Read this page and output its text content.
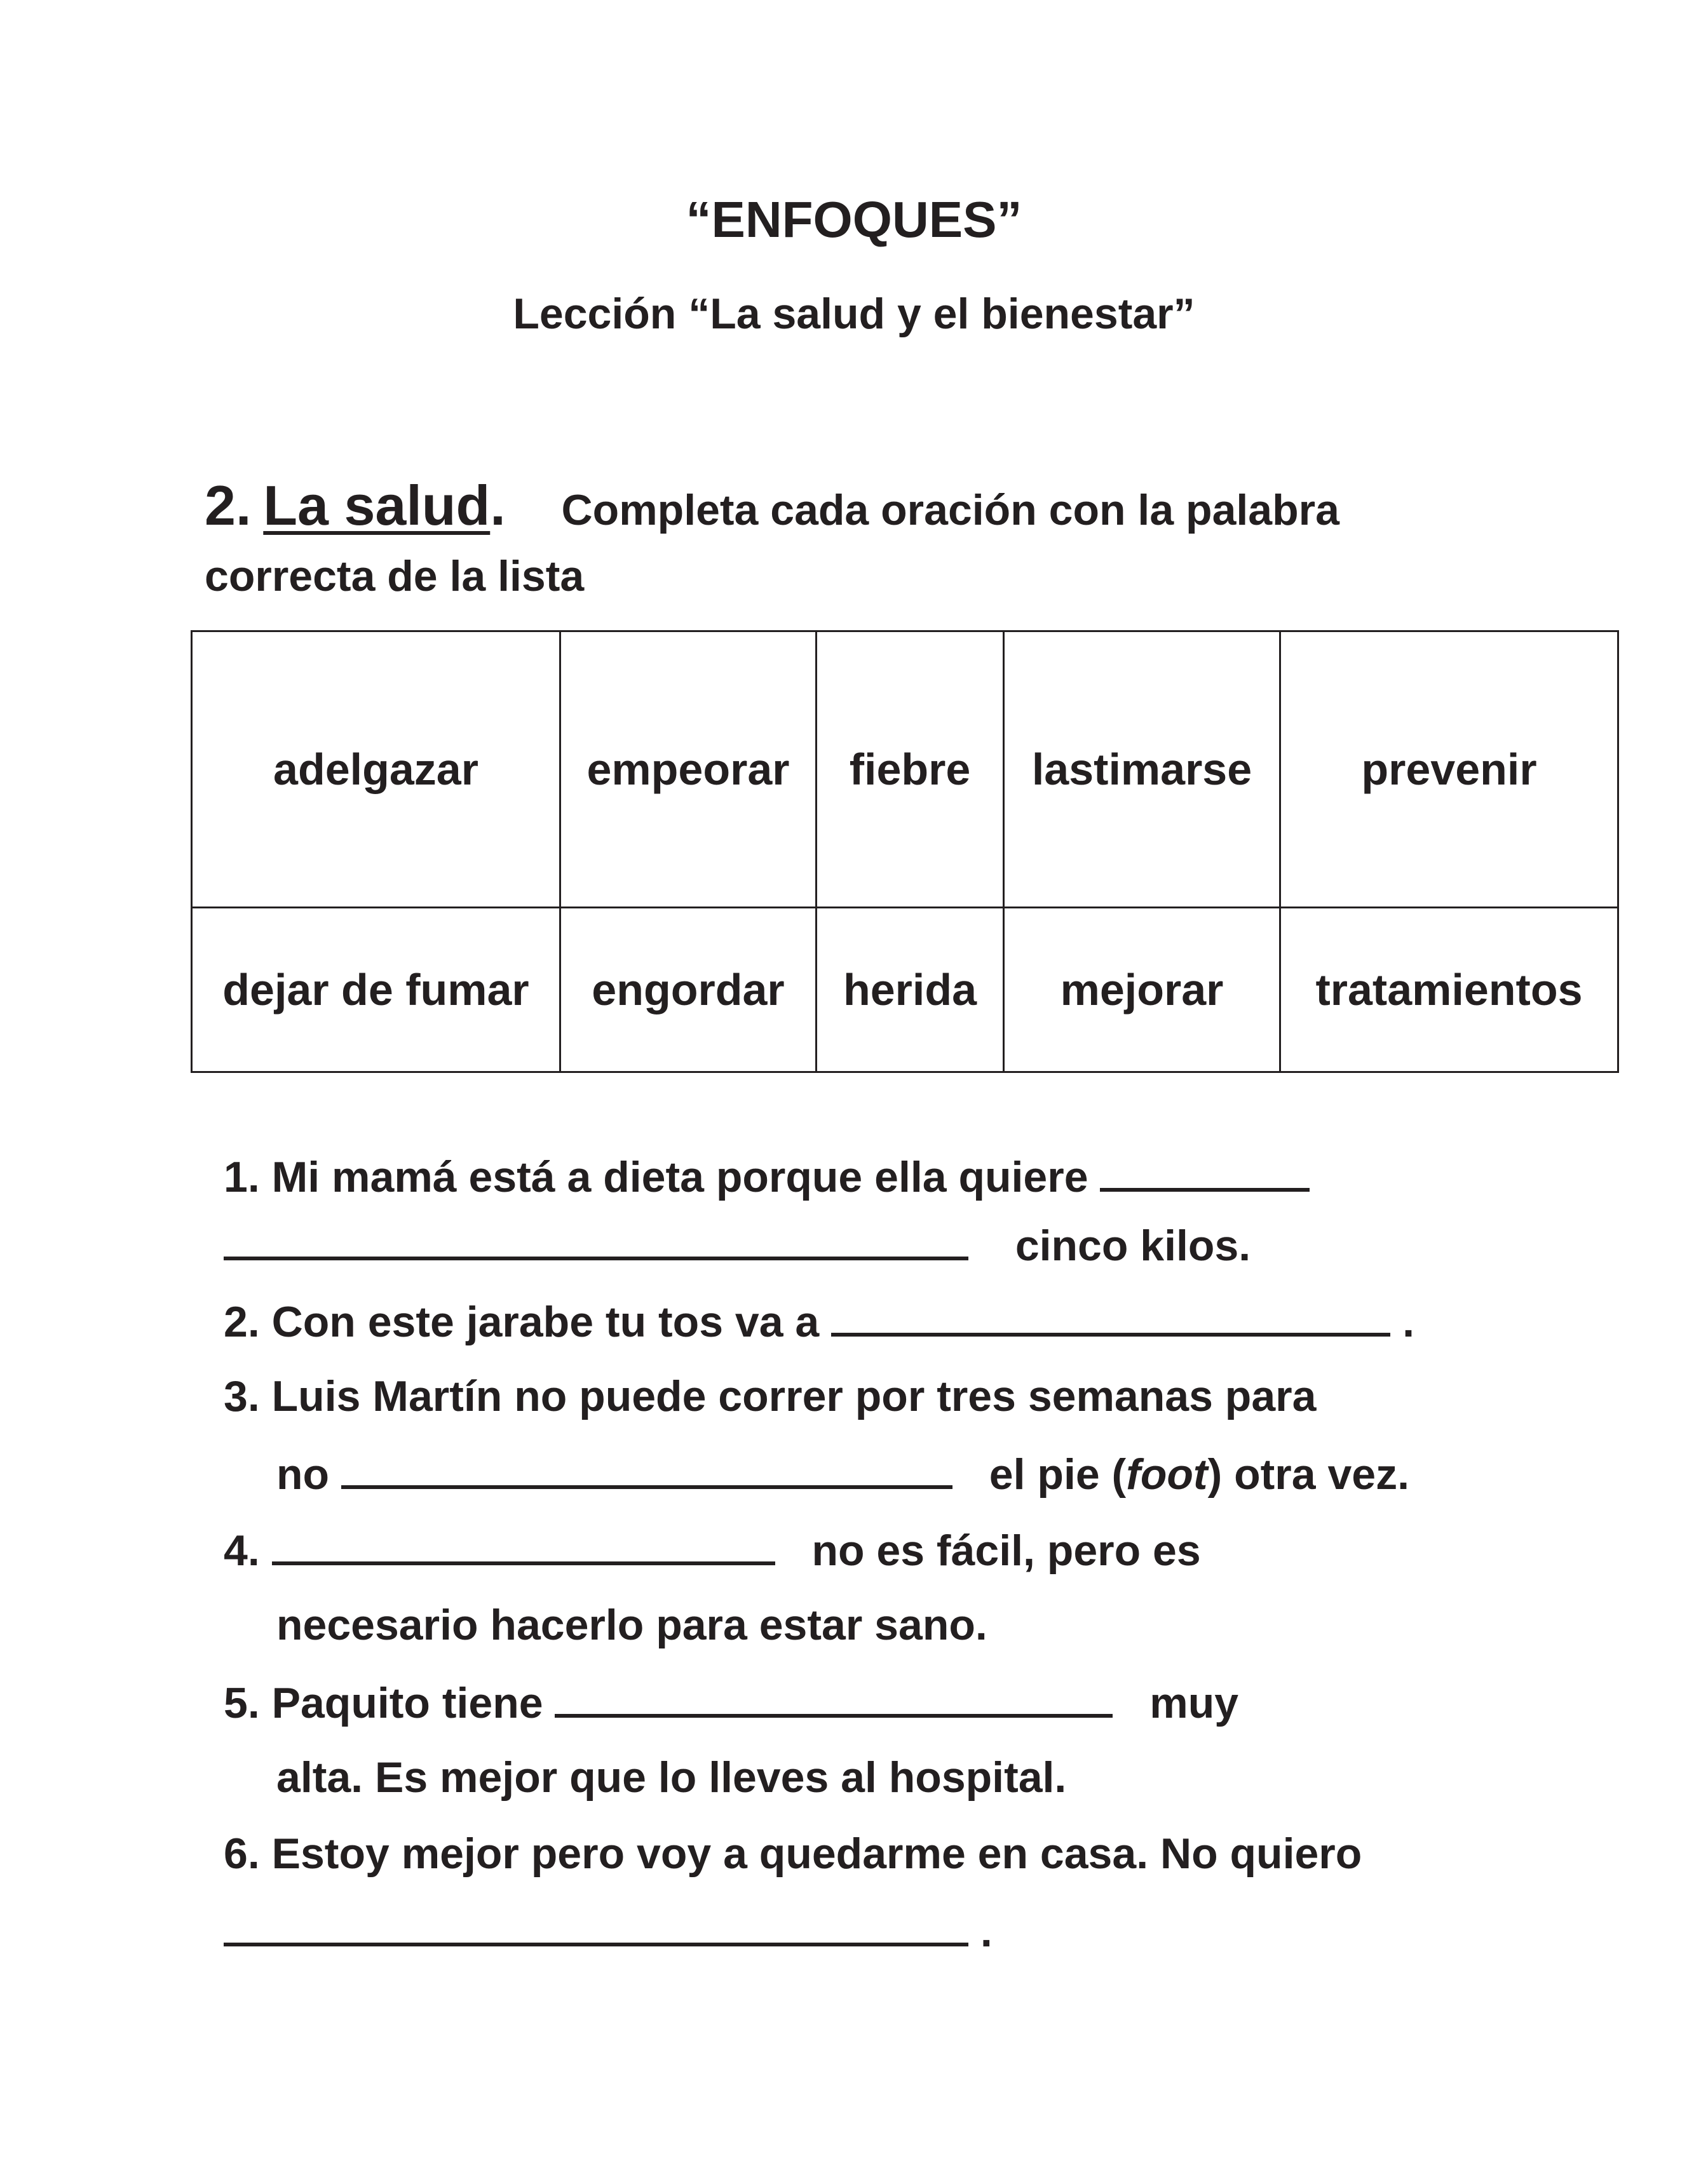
“ENFOQUES”
Lección “La salud y el bienestar”
2. La salud. Completa cada oración con la palabra
correcta de la lista
adelgazar	empeorar	fiebre	lastimarse	prevenir
dejar de fumar	engordar	herida	mejorar	tratamientos
1. Mi mamá está a dieta porque ella quiere
cinco kilos.
2. Con este jarabe tu tos va a	.
3. Luis Martín no puede correr por tres semanas para
no	el pie (foot) otra vez.
4.	no es fácil, pero es
necesario hacerlo para estar sano.
5. Paquito tiene	muy
alta. Es mejor que lo lleves al hospital.
6. Estoy mejor pero voy a quedarme en casa. No quiero
.
